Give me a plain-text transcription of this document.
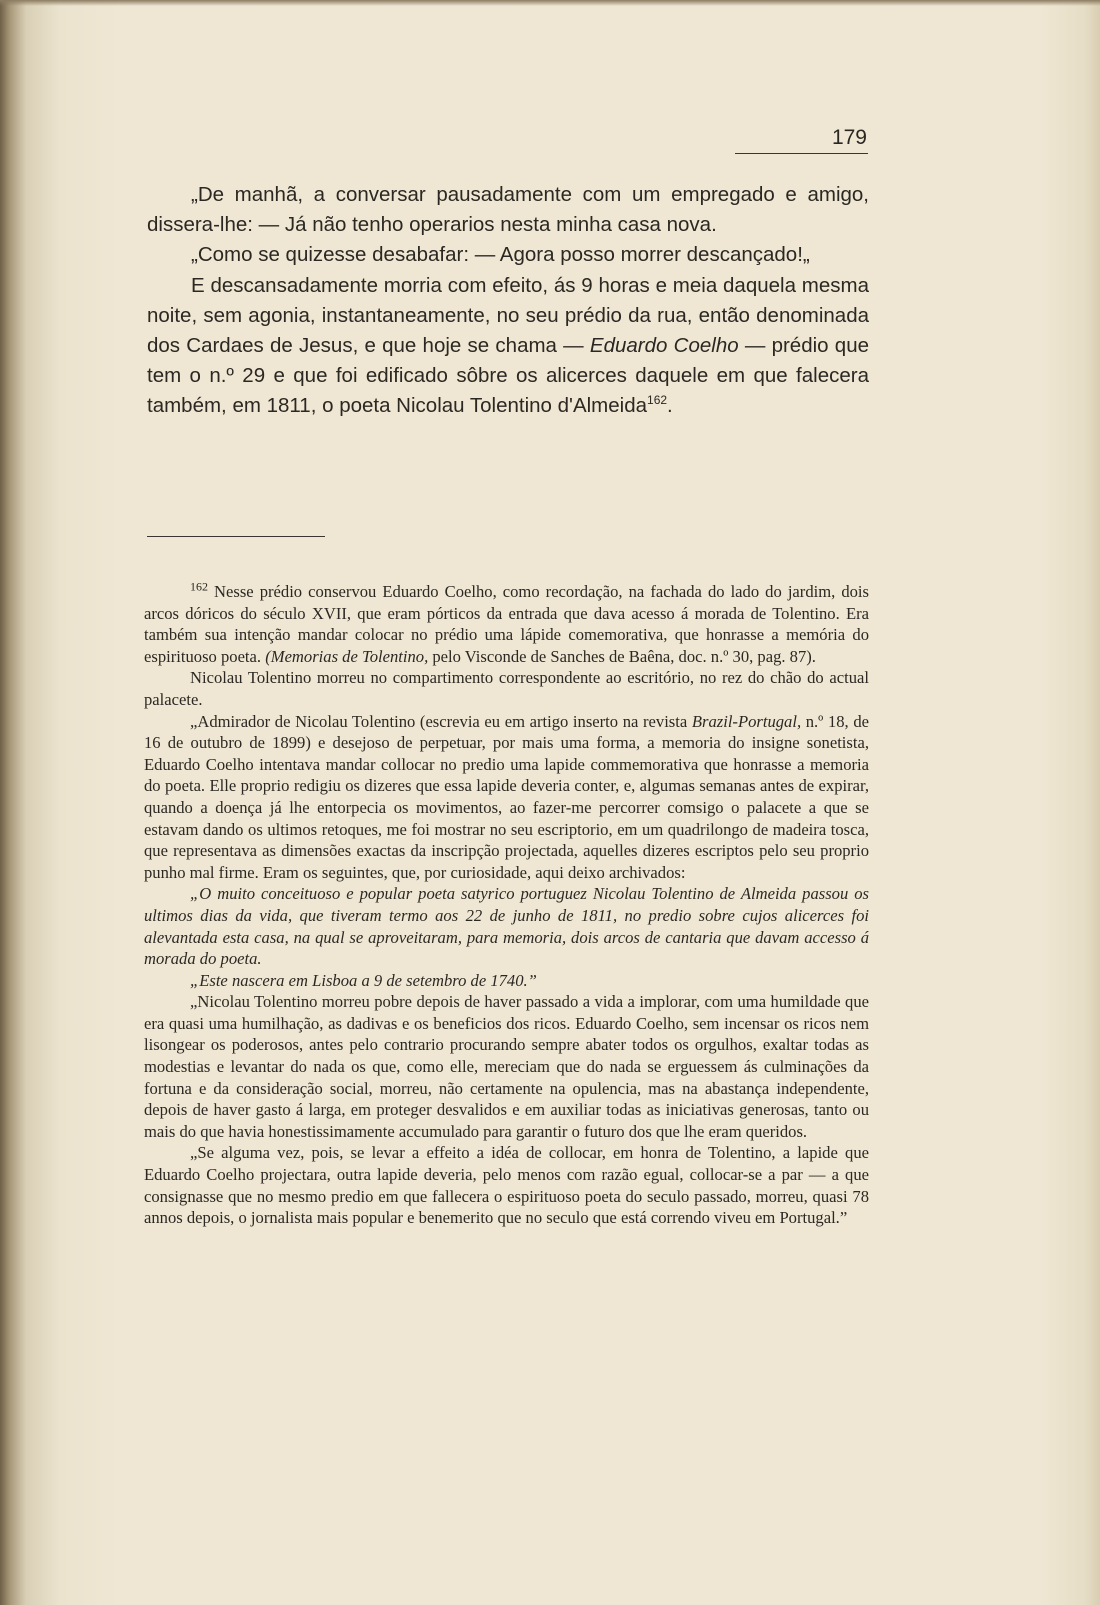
179

„De manhã, a conversar pausadamente com um empregado e amigo, dissera-lhe: — Já não tenho operarios nesta minha casa nova.

„Como se quizesse desabafar: — Agora posso morrer descançado!„

E descansadamente morria com efeito, ás 9 horas e meia daquela mesma noite, sem agonia, instantaneamente, no seu prédio da rua, então denominada dos Cardaes de Jesus, e que hoje se chama — Eduardo Coelho — prédio que tem o n.º 29 e que foi edificado sôbre os alicerces daquele em que falecera também, em 1811, o poeta Nicolau Tolentino d'Almeida$^{162}$.

$^{162}$ Nesse prédio conservou Eduardo Coelho, como recordação, na fachada do lado do jardim, dois arcos dóricos do século XVII, que eram pórticos da entrada que dava acesso á morada de Tolentino. Era também sua intenção mandar colocar no prédio uma lápide comemorativa, que honrasse a memória do espirituoso poeta. (Memorias de Tolentino, pelo Visconde de Sanches de Baêna, doc. n.º 30, pag. 87).

Nicolau Tolentino morreu no compartimento correspondente ao escritório, no rez do chão do actual palacete.

„Admirador de Nicolau Tolentino (escrevia eu em artigo inserto na revista Brazil-Portugal, n.º 18, de 16 de outubro de 1899) e desejoso de perpetuar, por mais uma forma, a memoria do insigne sonetista, Eduardo Coelho intentava mandar collocar no predio uma lapide commemorativa que honrasse a memoria do poeta. Elle proprio redigiu os dizeres que essa lapide deveria conter, e, algumas semanas antes de expirar, quando a doença já lhe entorpecia os movimentos, ao fazer-me percorrer comsigo o palacete a que se estavam dando os ultimos retoques, me foi mostrar no seu escriptorio, em um quadrilongo de madeira tosca, que representava as dimensões exactas da inscripção projectada, aquelles dizeres escriptos pelo seu proprio punho mal firme. Eram os seguintes, que, por curiosidade, aqui deixo archivados:

„O muito conceituoso e popular poeta satyrico portuguez Nicolau Tolentino de Almeida passou os ultimos dias da vida, que tiveram termo aos 22 de junho de 1811, no predio sobre cujos alicerces foi alevantada esta casa, na qual se aproveitaram, para memoria, dois arcos de cantaria que davam accesso á morada do poeta.

„Este nascera em Lisboa a 9 de setembro de 1740.”

„Nicolau Tolentino morreu pobre depois de haver passado a vida a implorar, com uma humildade que era quasi uma humilhação, as dadivas e os beneficios dos ricos. Eduardo Coelho, sem incensar os ricos nem lisongear os poderosos, antes pelo contrario procurando sempre abater todos os orgulhos, exaltar todas as modestias e levantar do nada os que, como elle, mereciam que do nada se erguessem ás culminações da fortuna e da consideração social, morreu, não certamente na opulencia, mas na abastança independente, depois de haver gasto á larga, em proteger desvalidos e em auxiliar todas as iniciativas generosas, tanto ou mais do que havia honestissimamente accumulado para garantir o futuro dos que lhe eram queridos.

„Se alguma vez, pois, se levar a effeito a idéa de collocar, em honra de Tolentino, a lapide que Eduardo Coelho projectara, outra lapide deveria, pelo menos com razão egual, collocar-se a par — a que consignasse que no mesmo predio em que fallecera o espirituoso poeta do seculo passado, morreu, quasi 78 annos depois, o jornalista mais popular e benemerito que no seculo que está correndo viveu em Portugal.”
